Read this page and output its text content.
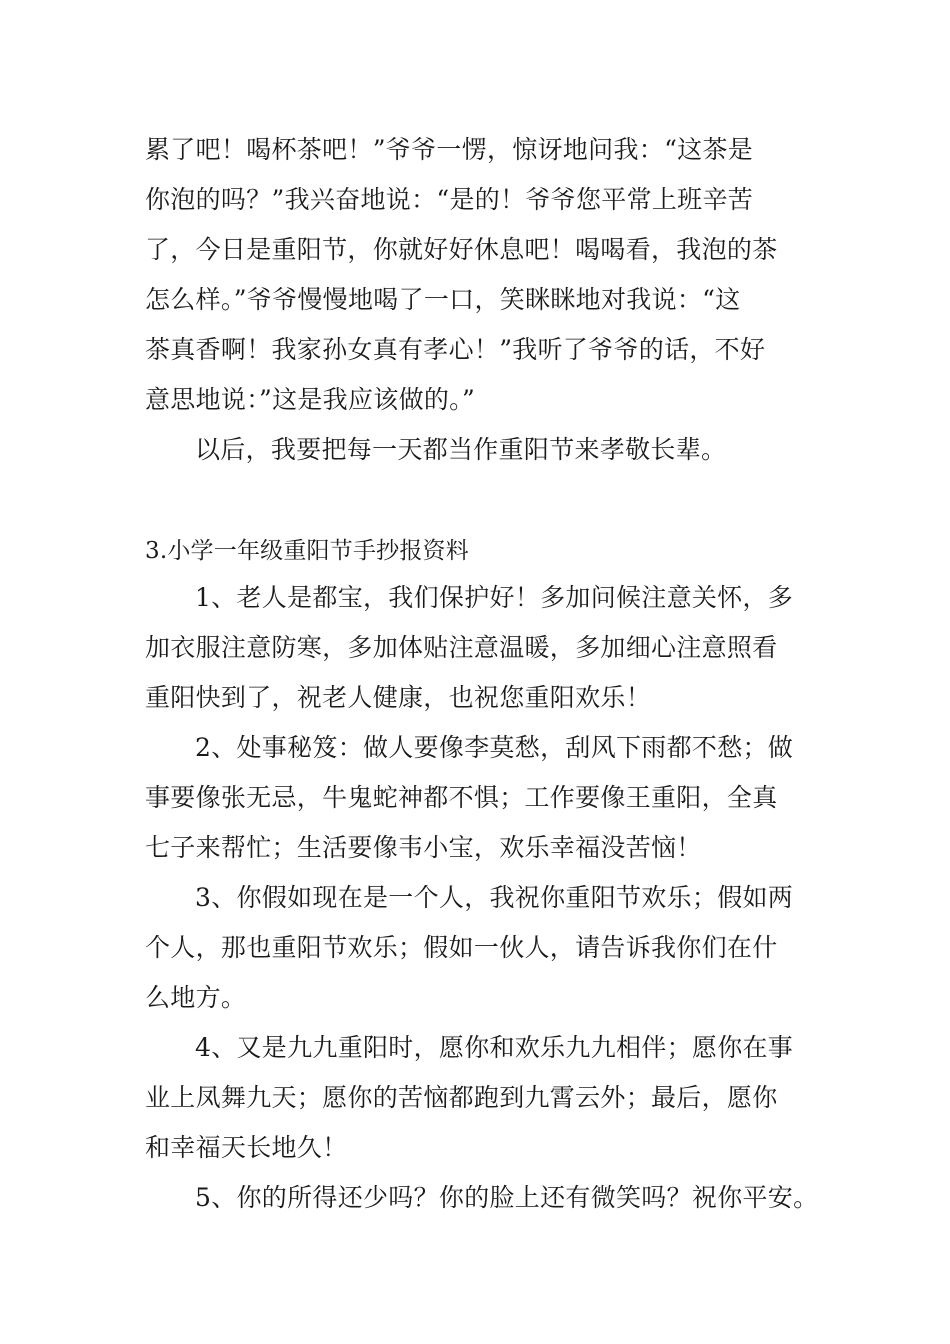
累了吧！喝杯茶吧！”爷爷一愣，惊讶地问我：“这茶是
你泡的吗？”我兴奋地说：“是的！爷爷您平常上班辛苦
了，今日是重阳节，你就好好休息吧！喝喝看，我泡的茶
怎么样。”爷爷慢慢地喝了一口，笑眯眯地对我说：“这
茶真香啊！我家孙女真有孝心！”我听了爷爷的话，不好
意思地说：”这是我应该做的。”
以后，我要把每一天都当作重阳节来孝敬长辈。
3.小学一年级重阳节手抄报资料
1、老人是都宝，我们保护好！多加问候注意关怀，多
加衣服注意防寒，多加体贴注意温暖，多加细心注意照看
重阳快到了，祝老人健康，也祝您重阳欢乐！
2、处事秘笈：做人要像李莫愁，刮风下雨都不愁；做
事要像张无忌，牛鬼蛇神都不惧；工作要像王重阳，全真
七子来帮忙；生活要像韦小宝，欢乐幸福没苦恼！
3、你假如现在是一个人，我祝你重阳节欢乐；假如两
个人，那也重阳节欢乐；假如一伙人，请告诉我你们在什
么地方。
4、又是九九重阳时，愿你和欢乐九九相伴；愿你在事
业上凤舞九天；愿你的苦恼都跑到九霄云外；最后，愿你
和幸福天长地久！
5、你的所得还少吗？你的脸上还有微笑吗？祝你平安。
